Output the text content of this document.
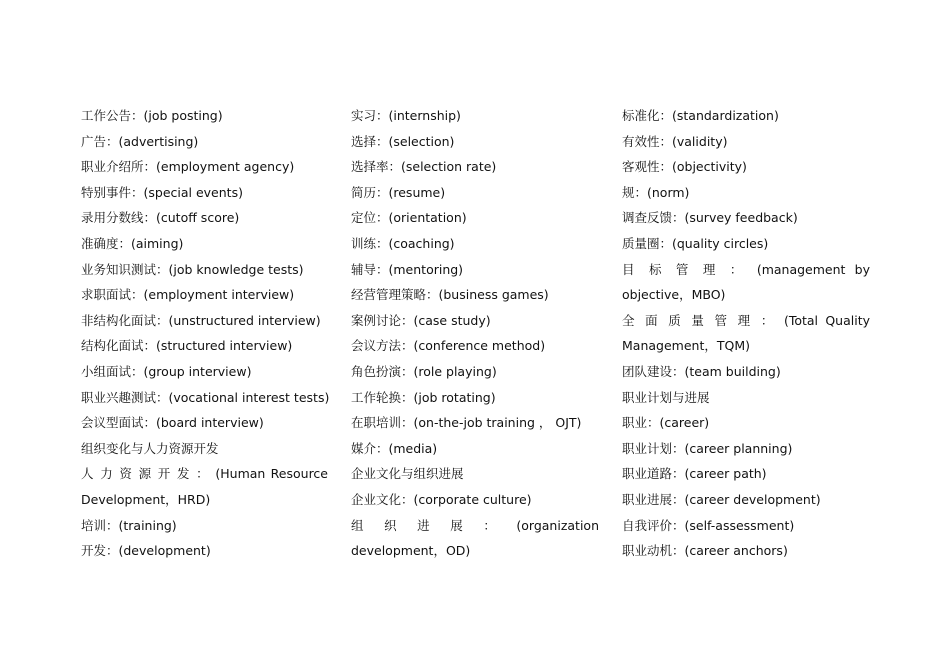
工作公告：(job posting)
广告：(advertising)
职业介绍所：(employment agency)
特别事件：(special events)
录用分数线：(cutoff score)
准确度：(aiming)
业务知识测试：(job knowledge tests)
求职面试：(employment interview)
非结构化面试：(unstructured interview)
结构化面试：(structured interview)
小组面试：(group interview)
职业兴趣测试：(vocational interest tests)
会议型面试：(board interview)
组织变化与人力资源开发
人 力 资 源 开 发 ： (Human Resource
Development，HRD)
培训：(training)
开发：(development)
实习：(internship)
选择：(selection)
选择率：(selection rate)
简历：(resume)
定位：(orientation)
训练：(coaching)
辅导：(mentoring)
经营管理策略：(business games)
案例讨论：(case study)
会议方法：(conference method)
角色扮演：(role playing)
工作轮换：(job rotating)
在职培训：(on-the-job training ， OJT)
媒介：(media)
企业文化与组织进展
企业文化：(corporate culture)
组 织 进 展 ： (organization
development，OD)
标准化：(standardization)
有效性：(validity)
客观性：(objectivity)
规：(norm)
调查反馈：(survey feedback)
质量圈：(quality circles)
目 标 管 理 ： (management by
objective，MBO)
全 面 质 量 管 理 ： (Total Quality
Management，TQM)
团队建设：(team building)
职业计划与进展
职业：(career)
职业计划：(career planning)
职业道路：(career path)
职业进展：(career development)
自我评价：(self-assessment)
职业动机：(career anchors)
